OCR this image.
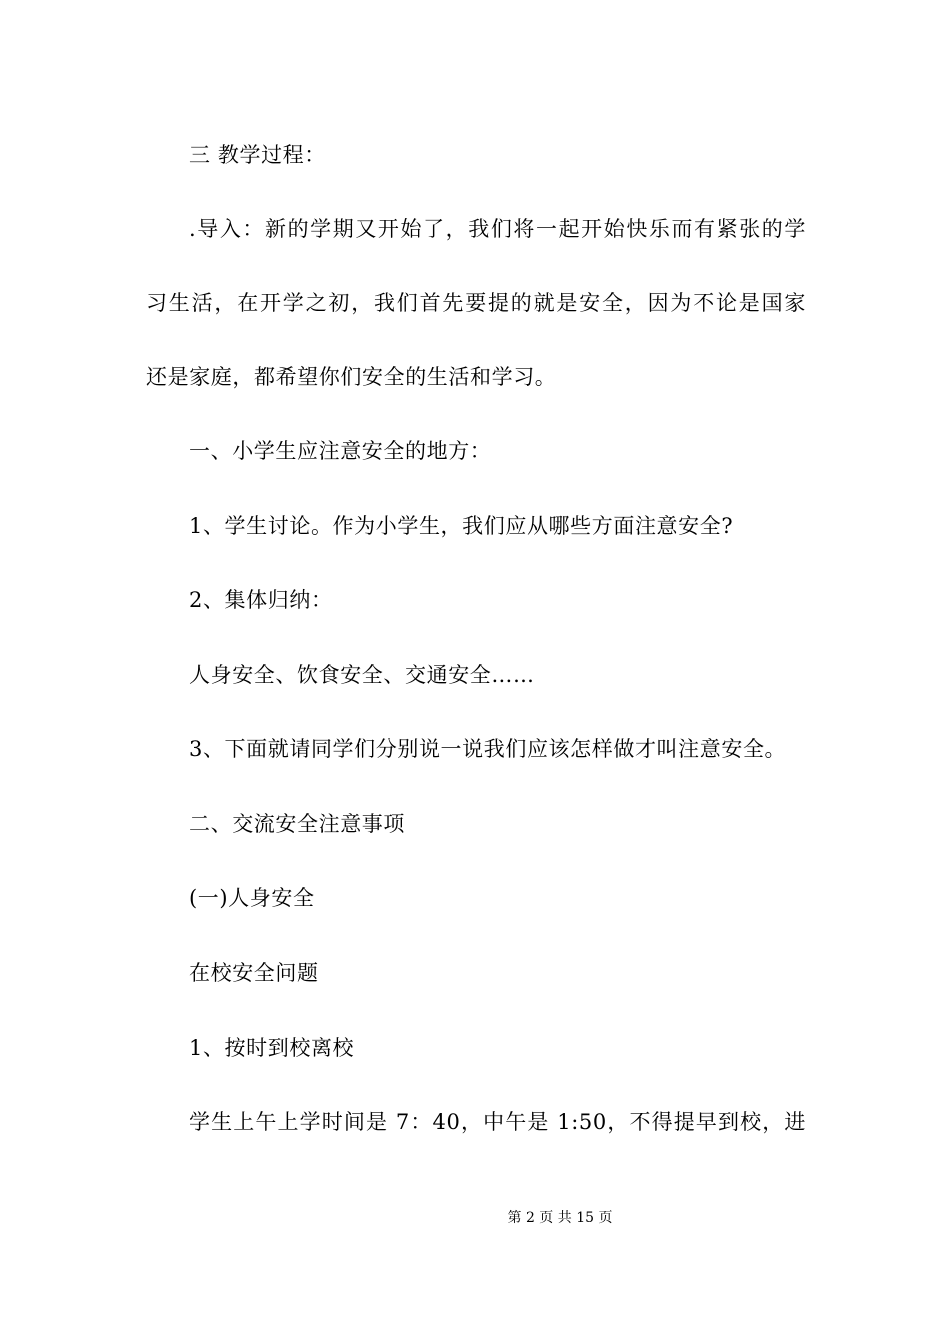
三 教学过程：
.导入：新的学期又开始了，我们将一起开始快乐而有紧张的学
习生活，在开学之初，我们首先要提的就是安全，因为不论是国家
还是家庭，都希望你们安全的生活和学习。
一、小学生应注意安全的地方：
1、学生讨论。作为小学生，我们应从哪些方面注意安全?
2、集体归纳：
人身安全、饮食安全、交通安全……
3、下面就请同学们分别说一说我们应该怎样做才叫注意安全。
二、交流安全注意事项
(一)人身安全
在校安全问题
1、按时到校离校
学生上午上学时间是 7：40，中午是 1:50，不得提早到校，进
第 2 页 共 15 页
